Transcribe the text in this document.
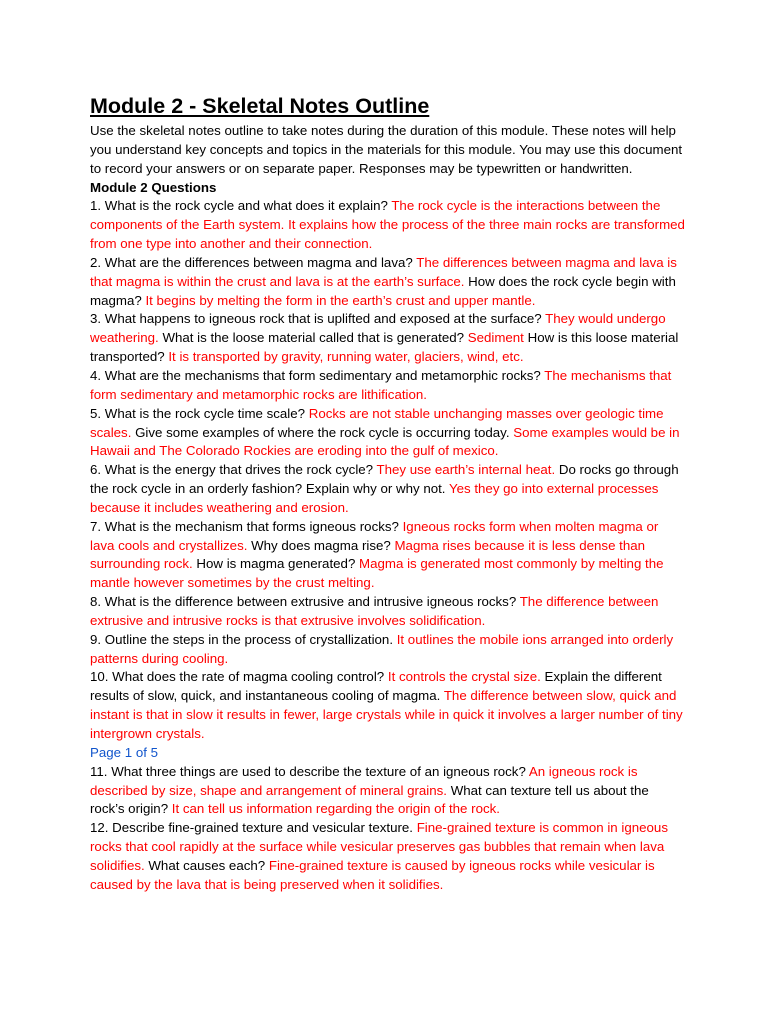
Module 2 - Skeletal Notes Outline

Use the skeletal notes outline to take notes during the duration of this module. These notes will help you understand key concepts and topics in the materials for this module. You may use this document to record your answers or on separate paper. Responses may be typewritten or handwritten.

Module 2 Questions

1. What is the rock cycle and what does it explain? The rock cycle is the interactions between the components of the Earth system. It explains how the process of the three main rocks are transformed from one type into another and their connection.

2. What are the differences between magma and lava? The differences between magma and lava is that magma is within the crust and lava is at the earth’s surface. How does the rock cycle begin with magma? It begins by melting the form in the earth’s crust and upper mantle.

3. What happens to igneous rock that is uplifted and exposed at the surface? They would undergo weathering. What is the loose material called that is generated? Sediment How is this loose material transported? It is transported by gravity, running water, glaciers, wind, etc.

4. What are the mechanisms that form sedimentary and metamorphic rocks? The mechanisms that form sedimentary and metamorphic rocks are lithification.

5. What is the rock cycle time scale? Rocks are not stable unchanging masses over geologic time scales. Give some examples of where the rock cycle is occurring today. Some examples would be in Hawaii and The Colorado Rockies are eroding into the gulf of mexico.

6. What is the energy that drives the rock cycle? They use earth’s internal heat. Do rocks go through the rock cycle in an orderly fashion? Explain why or why not. Yes they go into external processes because it includes weathering and erosion.

7. What is the mechanism that forms igneous rocks? Igneous rocks form when molten magma or lava cools and crystallizes. Why does magma rise? Magma rises because it is less dense than surrounding rock. How is magma generated? Magma is generated most commonly by melting the mantle however sometimes by the crust melting.

8. What is the difference between extrusive and intrusive igneous rocks? The difference between extrusive and intrusive rocks is that extrusive involves solidification.

9. Outline the steps in the process of crystallization. It outlines the mobile ions arranged into orderly patterns during cooling.

10. What does the rate of magma cooling control? It controls the crystal size. Explain the different results of slow, quick, and instantaneous cooling of magma. The difference between slow, quick and instant is that in slow it results in fewer, large crystals while in quick it involves a larger number of tiny intergrown crystals.

Page 1 of 5

11. What three things are used to describe the texture of an igneous rock? An igneous rock is described by size, shape and arrangement of mineral grains. What can texture tell us about the rock’s origin? It can tell us information regarding the origin of the rock.

12. Describe fine-grained texture and vesicular texture. Fine-grained texture is common in igneous rocks that cool rapidly at the surface while vesicular preserves gas bubbles that remain when lava solidifies. What causes each? Fine-grained texture is caused by igneous rocks while vesicular is caused by the lava that is being preserved when it solidifies.
